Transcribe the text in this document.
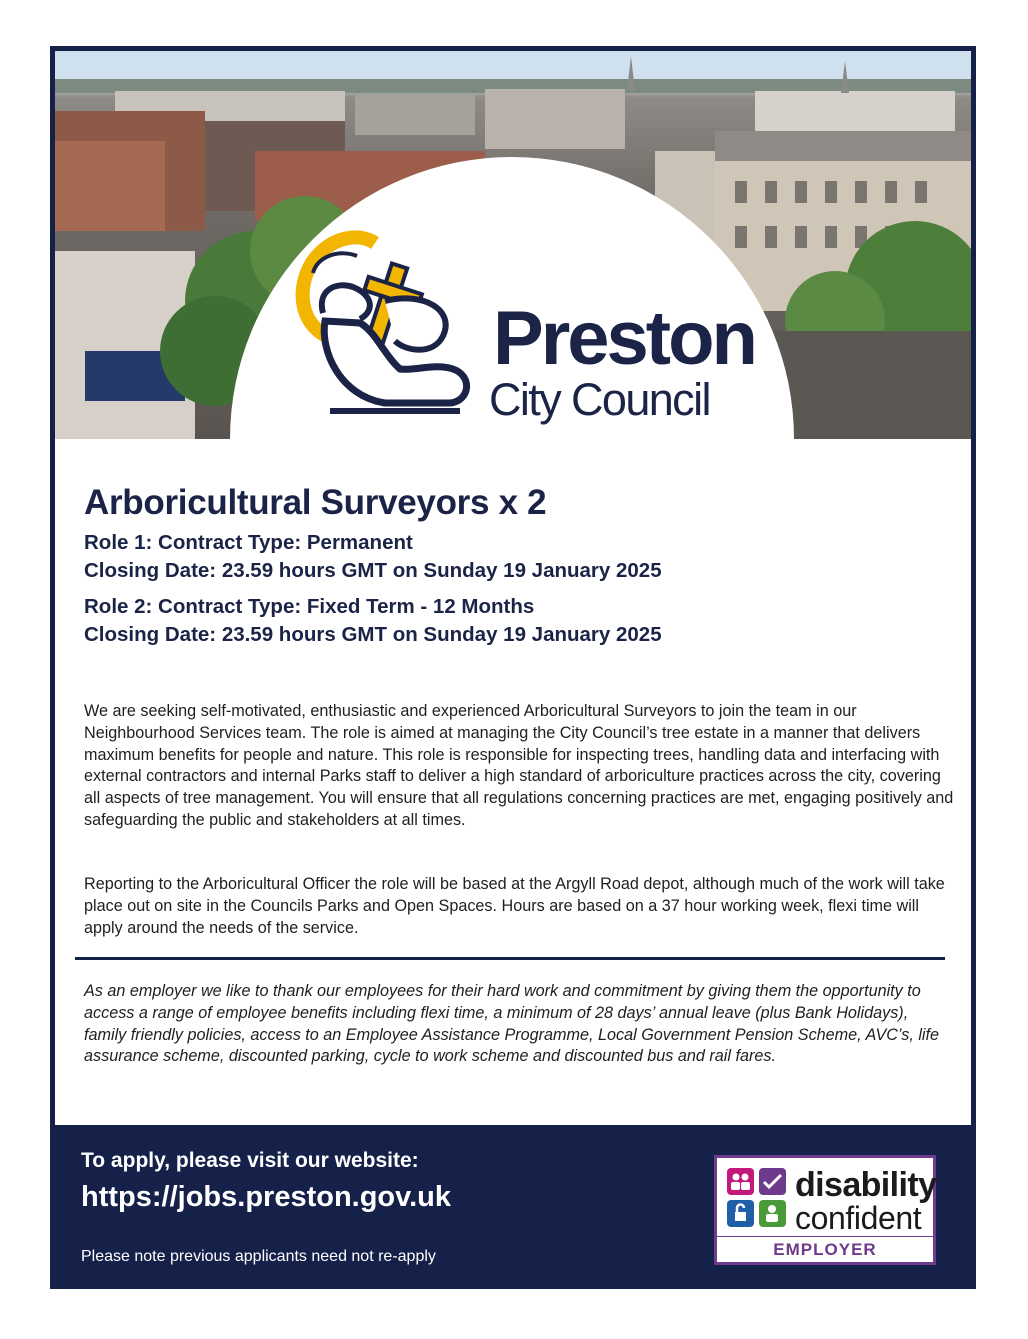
Preston
City Council
Arboricultural Surveyors x 2

Role 1: Contract Type: Permanent

Closing Date: 23.59 hours GMT on Sunday 19 January 2025

Role 2: Contract Type: Fixed Term - 12 Months

Closing Date: 23.59 hours GMT on Sunday 19 January 2025

We are seeking self-motivated, enthusiastic and experienced Arboricultural Surveyors to join the team in our Neighbourhood Services team. The role is aimed at managing the City Council’s tree estate in a manner that delivers maximum benefits for people and nature. This role is responsible for inspecting trees, handling data and interfacing with external contractors and internal Parks staff to deliver a high standard of arboriculture practices across the city, covering all aspects of tree management. You will ensure that all regulations concerning practices are met, engaging positively and safeguarding the public and stakeholders at all times.

Reporting to the Arboricultural Officer the role will be based at the Argyll Road depot, although much of the work will take place out on site in the Councils Parks and Open Spaces. Hours are based on a 37 hour working week, flexi time will apply around the needs of the service.

As an employer we like to thank our employees for their hard work and commitment by giving them the opportunity to access a range of employee benefits including flexi time, a minimum of 28 days’ annual leave (plus Bank Holidays), family friendly policies, access to an Employee Assistance Programme, Local Government Pension Scheme, AVC’s, life assurance scheme, discounted parking, cycle to work scheme and discounted bus and rail fares.

To apply, please visit our website:

https://jobs.preston.gov.uk

Please note previous applicants need not re-apply

disability
confident
EMPLOYER
